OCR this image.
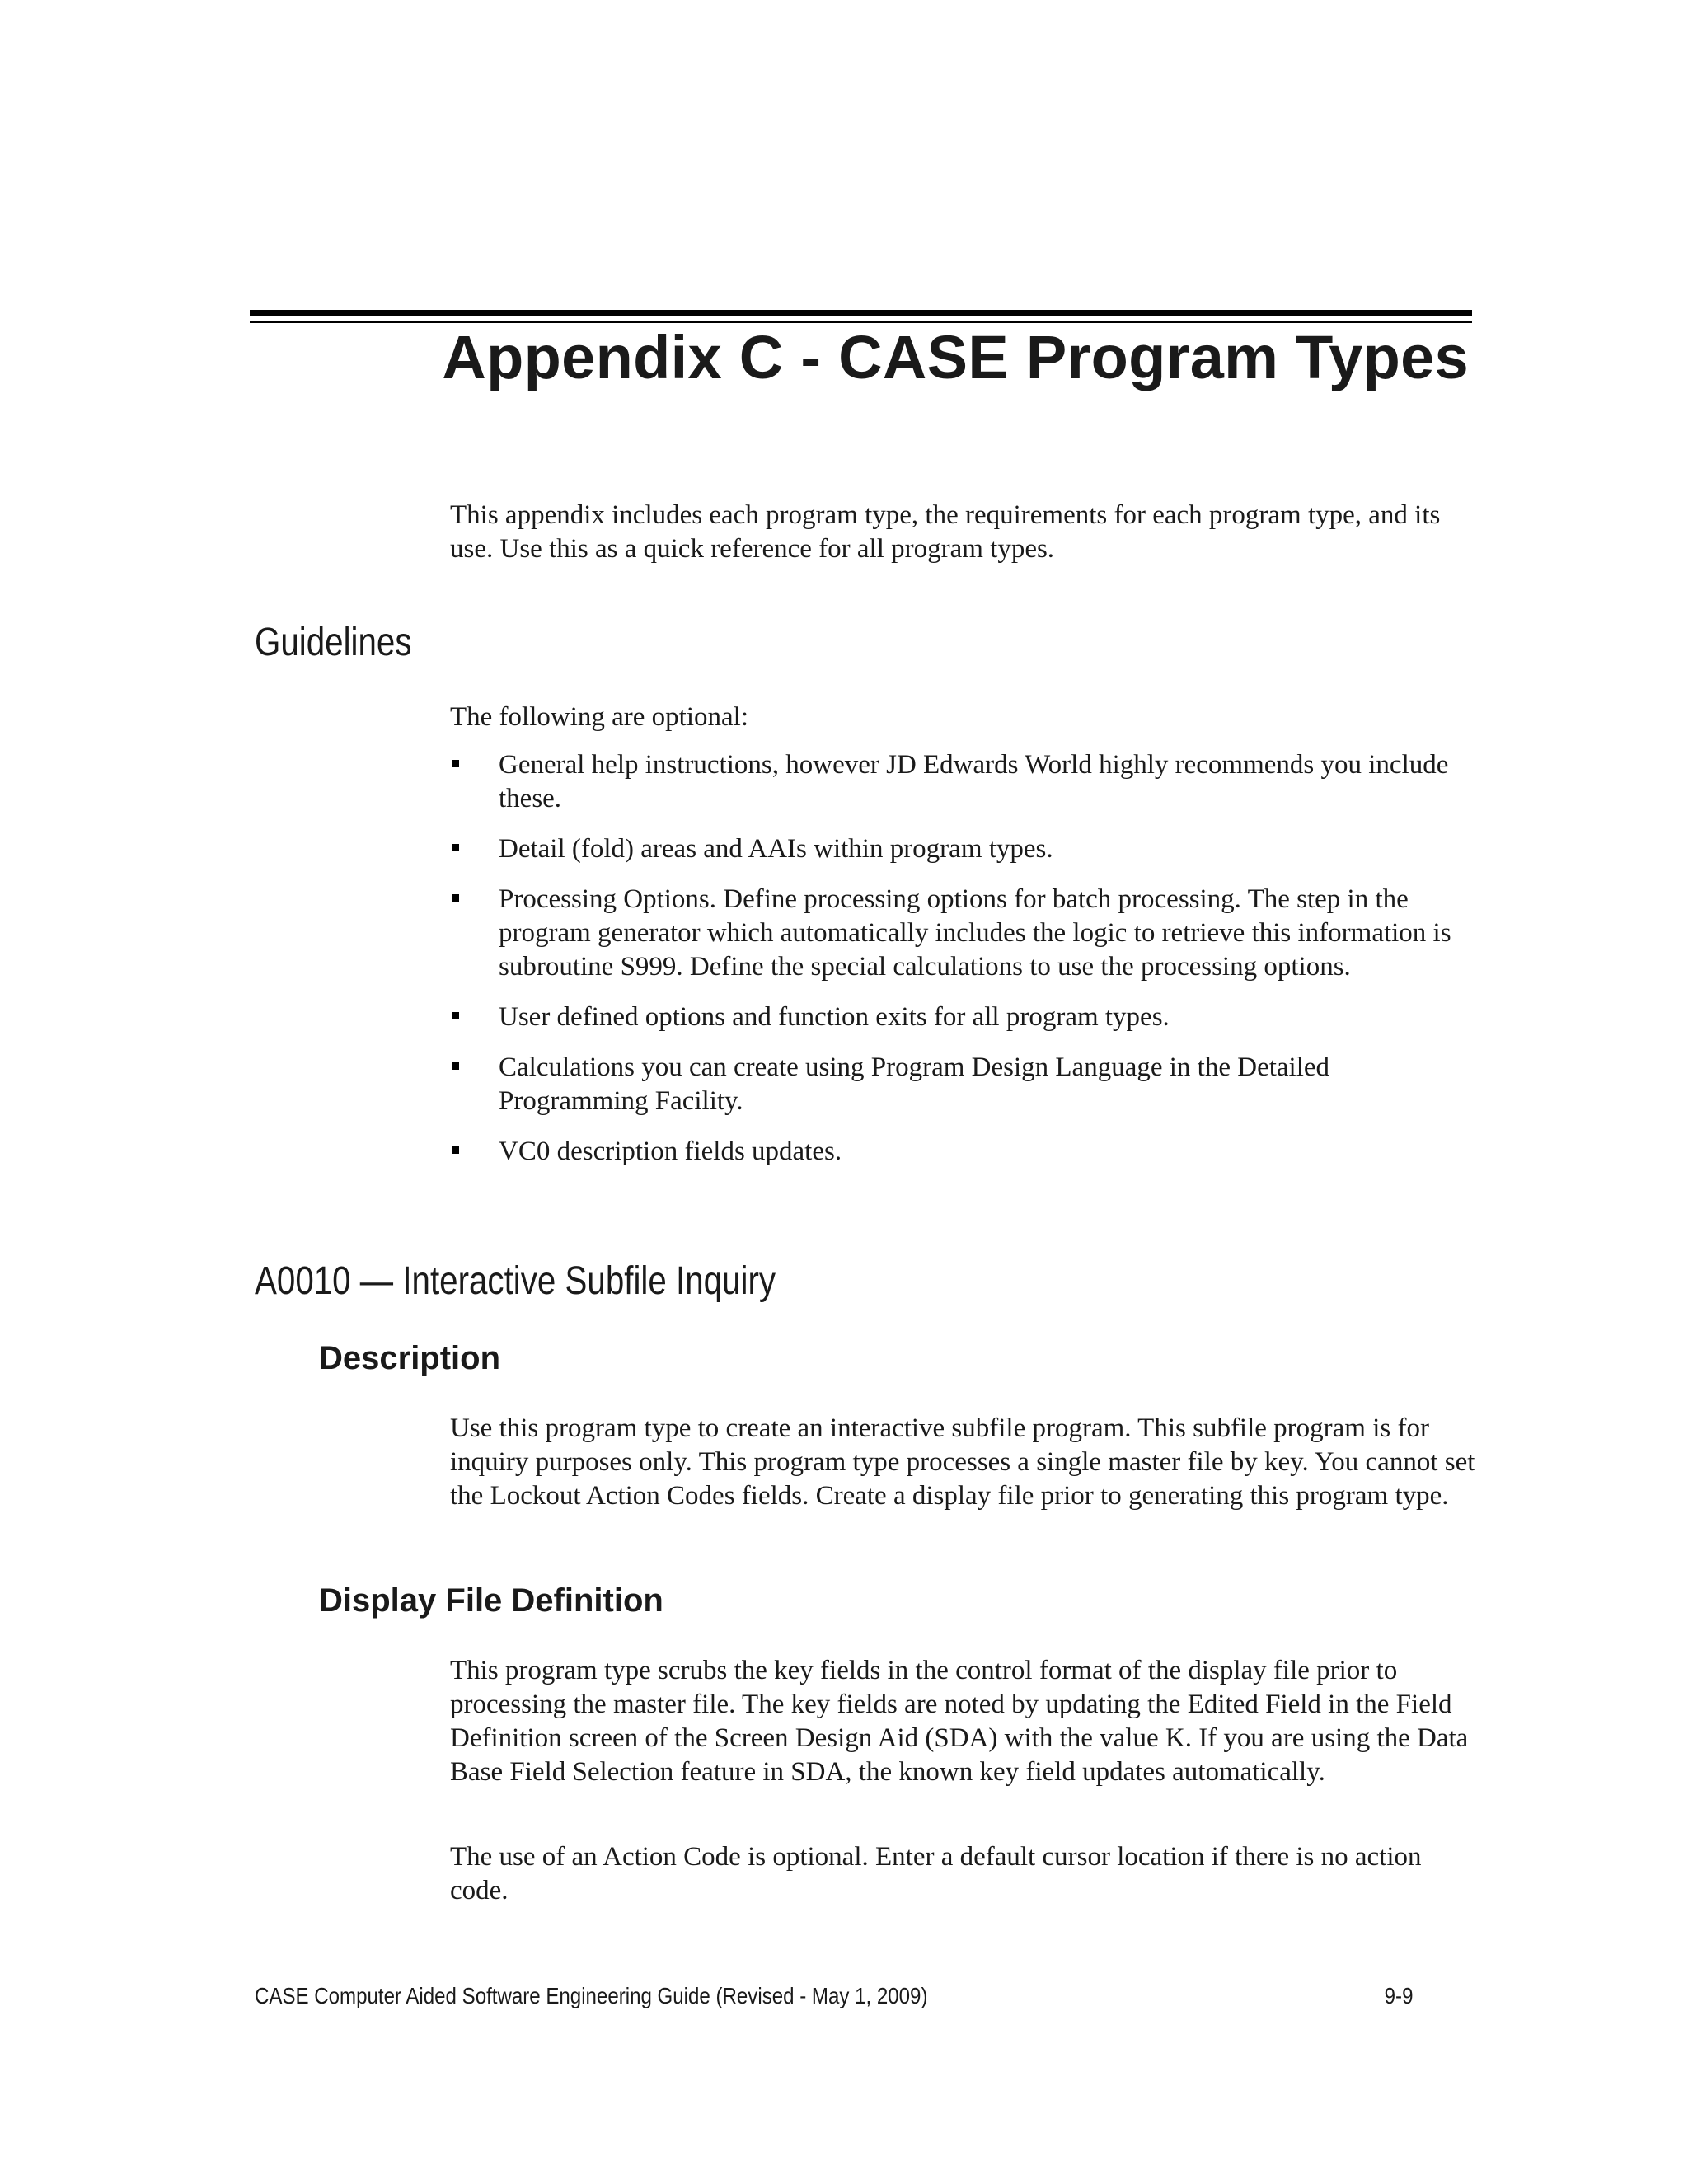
Appendix C - CASE Program Types

This appendix includes each program type, the requirements for each program type, and its use. Use this as a quick reference for all program types.

Guidelines

The following are optional:

General help instructions, however JD Edwards World highly recommends you include these.
Detail (fold) areas and AAIs within program types.
Processing Options. Define processing options for batch processing. The step in the program generator which automatically includes the logic to retrieve this information is subroutine S999. Define the special calculations to use the processing options.
User defined options and function exits for all program types.
Calculations you can create using Program Design Language in the Detailed Programming Facility.
VC0 description fields updates.
A0010 — Interactive Subfile Inquiry
Description

Use this program type to create an interactive subfile program. This subfile program is for inquiry purposes only. This program type processes a single master file by key. You cannot set the Lockout Action Codes fields. Create a display file prior to generating this program type.

Display File Definition

This program type scrubs the key fields in the control format of the display file prior to processing the master file. The key fields are noted by updating the Edited Field in the Field Definition screen of the Screen Design Aid (SDA) with the value K. If you are using the Data Base Field Selection feature in SDA, the known key field updates automatically.

The use of an Action Code is optional. Enter a default cursor location if there is no action code.

CASE Computer Aided Software Engineering Guide (Revised - May 1, 2009)	9-9
